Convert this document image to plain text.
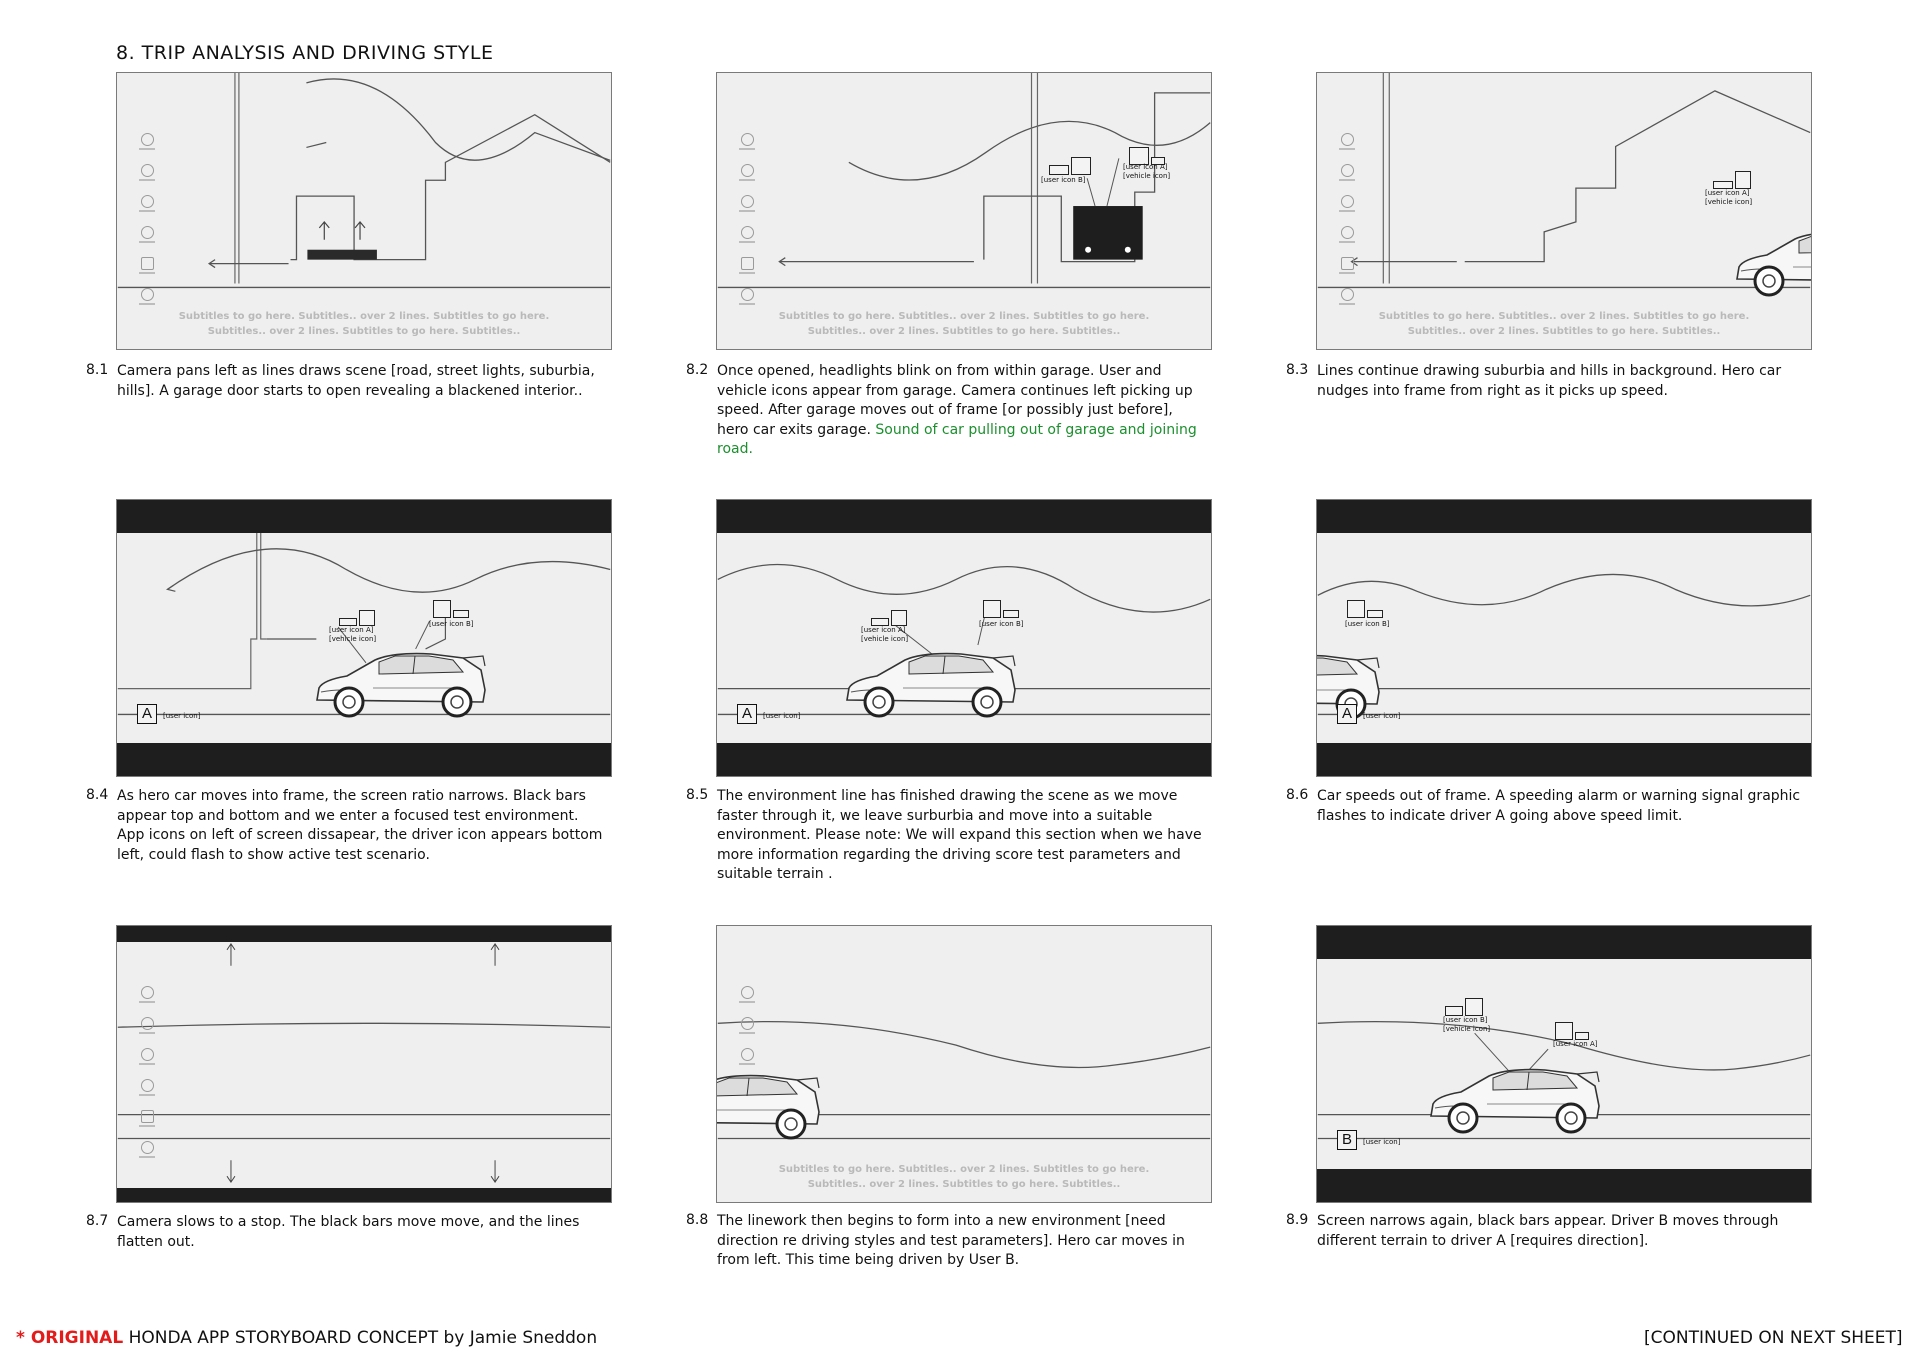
8. TRIP ANALYSIS AND DRIVING STYLE
Subtitles to go here. Subtitles.. over 2 lines. Subtitles to go here.
Subtitles.. over 2 lines. Subtitles to go here. Subtitles..
[user icon B]
[user icon A]
[vehicle icon]
Subtitles to go here. Subtitles.. over 2 lines. Subtitles to go here.
Subtitles.. over 2 lines. Subtitles to go here. Subtitles..
[user icon A]
[vehicle icon]
Subtitles to go here. Subtitles.. over 2 lines. Subtitles to go here.
Subtitles.. over 2 lines. Subtitles to go here. Subtitles..
[user icon A]
[vehicle icon]
[user icon B]
A	[user icon]
[user icon A]
[vehicle icon]
[user icon B]
A	[user icon]
[user icon B]
A	[user icon]
Subtitles to go here. Subtitles.. over 2 lines. Subtitles to go here.
Subtitles.. over 2 lines. Subtitles to go here. Subtitles..
[user icon B]
[vehicle icon]
[user icon A]
B	[user icon]
8.1 Camera pans left as lines draws scene [road, street lights, suburbia, hills]. A garage door starts to open revealing a blackened interior..
8.2 Once opened, headlights blink on from within garage. User and vehicle icons appear from garage. Camera continues left picking up speed. After garage moves out of frame [or possibly just before], hero car exits garage. Sound of car pulling out of garage and joining road.
8.3 Lines continue drawing suburbia and hills in background. Hero car nudges into frame from right as it picks up speed.
8.4 As hero car moves into frame, the screen ratio narrows. Black bars appear top and bottom and we enter a focused test environment. App icons on left of screen dissapear, the driver icon appears bottom left, could flash to show active test scenario.
8.5 The environment line has finished drawing the scene as we move faster through it, we leave surburbia and move into a suitable environment. Please note: We will expand this section when we have more information regarding the driving score test parameters and suitable terrain .
8.6 Car speeds out of frame. A speeding alarm or warning signal graphic flashes to indicate driver A going above speed limit.
8.7 Camera slows to a stop. The black bars move move, and the lines flatten out.
8.8 The linework then begins to form into a new environment [need direction re driving styles and test parameters]. Hero car moves in from left. This time being driven by User B.
8.9 Screen narrows again, black bars appear. Driver B moves through different terrain to driver A [requires direction].
* ORIGINAL HONDA APP STORYBOARD CONCEPT by Jamie Sneddon	[CONTINUED ON NEXT SHEET]
